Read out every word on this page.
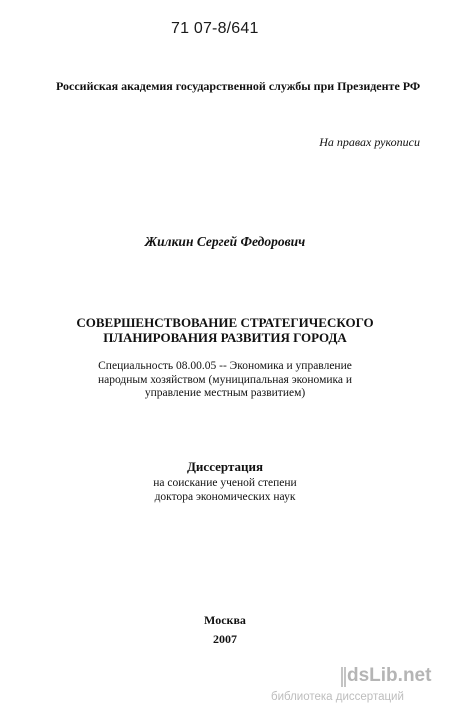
71 07-8/641
Российская академия государственной службы при Президенте РФ
На правах рукописи
Жилкин Сергей Федорович
СОВЕРШЕНСТВОВАНИЕ СТРАТЕГИЧЕСКОГО
ПЛАНИРОВАНИЯ РАЗВИТИЯ ГОРОДА
Специальность 08.00.05 -- Экономика и управление
народным хозяйством (муниципальная экономика и
управление местным развитием)
Диссертация
на соискание ученой степени
доктора экономических наук
Москва
2007
dsLib.net
библиотека диссертаций
